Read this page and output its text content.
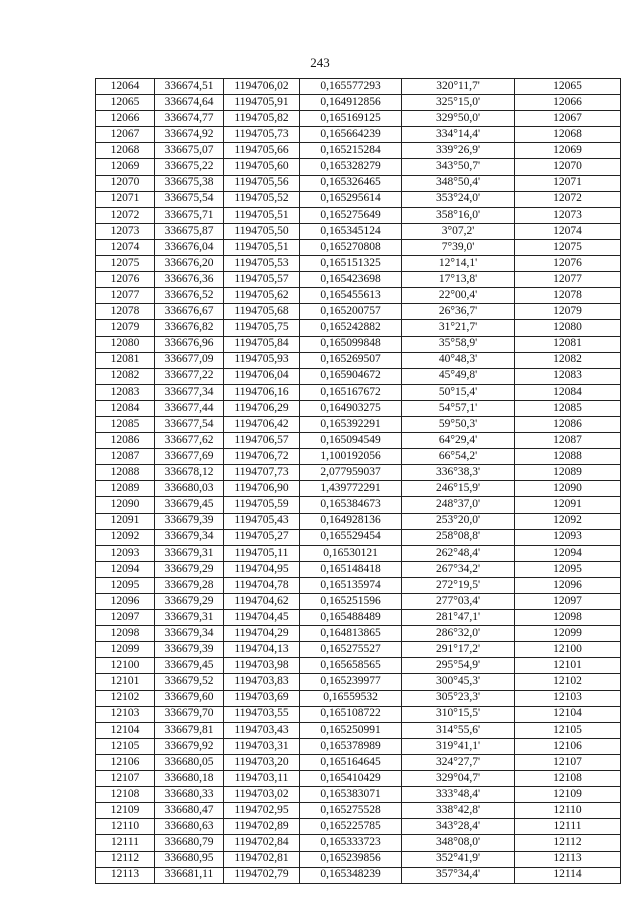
243
12064	336674,51	1194706,02	0,165577293	320°11,7'	12065
12065	336674,64	1194705,91	0,164912856	325°15,0'	12066
12066	336674,77	1194705,82	0,165169125	329°50,0'	12067
12067	336674,92	1194705,73	0,165664239	334°14,4'	12068
12068	336675,07	1194705,66	0,165215284	339°26,9'	12069
12069	336675,22	1194705,60	0,165328279	343°50,7'	12070
12070	336675,38	1194705,56	0,165326465	348°50,4'	12071
12071	336675,54	1194705,52	0,165295614	353°24,0'	12072
12072	336675,71	1194705,51	0,165275649	358°16,0'	12073
12073	336675,87	1194705,50	0,165345124	3°07,2'	12074
12074	336676,04	1194705,51	0,165270808	7°39,0'	12075
12075	336676,20	1194705,53	0,165151325	12°14,1'	12076
12076	336676,36	1194705,57	0,165423698	17°13,8'	12077
12077	336676,52	1194705,62	0,165455613	22°00,4'	12078
12078	336676,67	1194705,68	0,165200757	26°36,7'	12079
12079	336676,82	1194705,75	0,165242882	31°21,7'	12080
12080	336676,96	1194705,84	0,165099848	35°58,9'	12081
12081	336677,09	1194705,93	0,165269507	40°48,3'	12082
12082	336677,22	1194706,04	0,165904672	45°49,8'	12083
12083	336677,34	1194706,16	0,165167672	50°15,4'	12084
12084	336677,44	1194706,29	0,164903275	54°57,1'	12085
12085	336677,54	1194706,42	0,165392291	59°50,3'	12086
12086	336677,62	1194706,57	0,165094549	64°29,4'	12087
12087	336677,69	1194706,72	1,100192056	66°54,2'	12088
12088	336678,12	1194707,73	2,077959037	336°38,3'	12089
12089	336680,03	1194706,90	1,439772291	246°15,9'	12090
12090	336679,45	1194705,59	0,165384673	248°37,0'	12091
12091	336679,39	1194705,43	0,164928136	253°20,0'	12092
12092	336679,34	1194705,27	0,165529454	258°08,8'	12093
12093	336679,31	1194705,11	0,16530121	262°48,4'	12094
12094	336679,29	1194704,95	0,165148418	267°34,2'	12095
12095	336679,28	1194704,78	0,165135974	272°19,5'	12096
12096	336679,29	1194704,62	0,165251596	277°03,4'	12097
12097	336679,31	1194704,45	0,165488489	281°47,1'	12098
12098	336679,34	1194704,29	0,164813865	286°32,0'	12099
12099	336679,39	1194704,13	0,165275527	291°17,2'	12100
12100	336679,45	1194703,98	0,165658565	295°54,9'	12101
12101	336679,52	1194703,83	0,165239977	300°45,3'	12102
12102	336679,60	1194703,69	0,16559532	305°23,3'	12103
12103	336679,70	1194703,55	0,165108722	310°15,5'	12104
12104	336679,81	1194703,43	0,165250991	314°55,6'	12105
12105	336679,92	1194703,31	0,165378989	319°41,1'	12106
12106	336680,05	1194703,20	0,165164645	324°27,7'	12107
12107	336680,18	1194703,11	0,165410429	329°04,7'	12108
12108	336680,33	1194703,02	0,165383071	333°48,4'	12109
12109	336680,47	1194702,95	0,165275528	338°42,8'	12110
12110	336680,63	1194702,89	0,165225785	343°28,4'	12111
12111	336680,79	1194702,84	0,165333723	348°08,0'	12112
12112	336680,95	1194702,81	0,165239856	352°41,9'	12113
12113	336681,11	1194702,79	0,165348239	357°34,4'	12114
